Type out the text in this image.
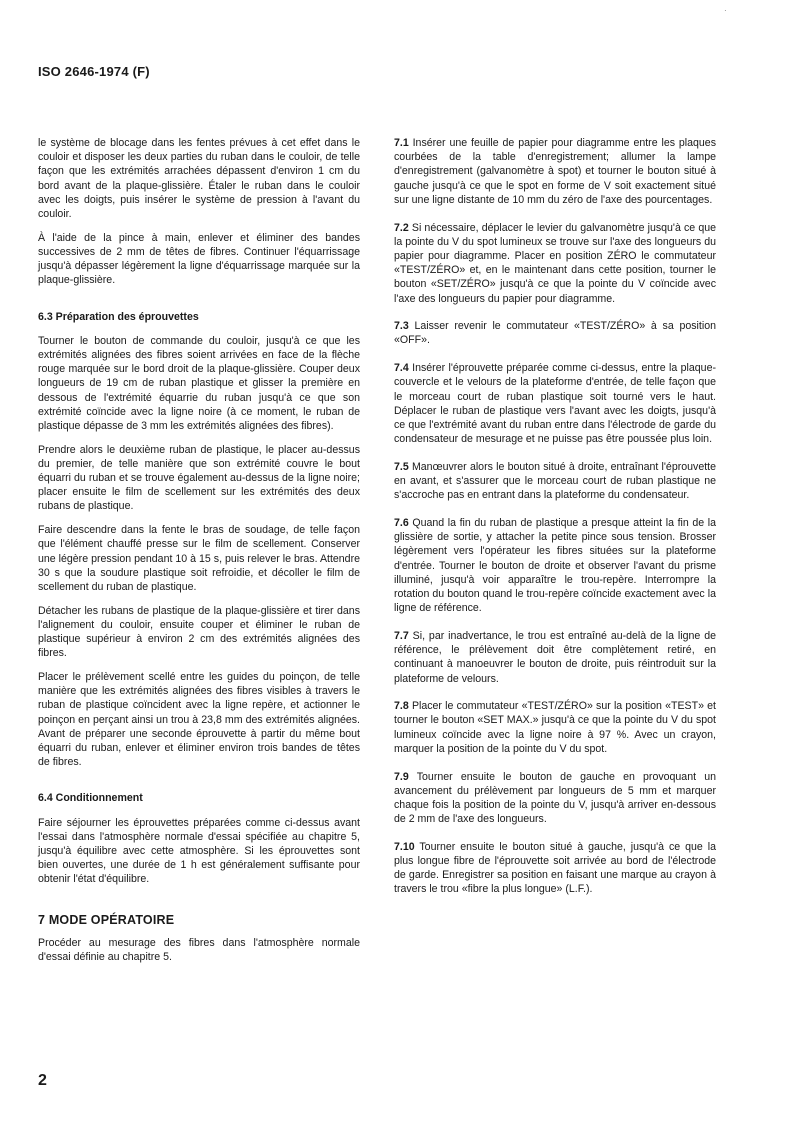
·
ISO 2646-1974 (F)

le système de blocage dans les fentes prévues à cet effet dans le couloir et disposer les deux parties du ruban dans le couloir, de telle façon que les extrémités arrachées dépassent d'environ 1 cm du bord avant de la plaque-glissière. Étaler le ruban dans le couloir avec les doigts, puis insérer le système de pression à l'avant du couloir.

À l'aide de la pince à main, enlever et éliminer des bandes successives de 2 mm de têtes de fibres. Continuer l'équarrissage jusqu'à dépasser légèrement la ligne d'équarrissage marquée sur la plaque-glissière.

6.3 Préparation des éprouvettes

Tourner le bouton de commande du couloir, jusqu'à ce que les extrémités alignées des fibres soient arrivées en face de la flèche rouge marquée sur le bord droit de la plaque-glissière. Couper deux longueurs de 19 cm de ruban plastique et glisser la première en dessous de l'extrémité équarrie du ruban jusqu'à ce que son extrémité coïncide avec la ligne noire (à ce moment, le ruban de plastique dépasse de 3 mm les extrémités alignées des fibres).

Prendre alors le deuxième ruban de plastique, le placer au-dessus du premier, de telle manière que son extrémité couvre le bout équarri du ruban et se trouve également au-dessus de la ligne noire; placer ensuite le film de scellement sur les extrémités des deux rubans de plastique.

Faire descendre dans la fente le bras de soudage, de telle façon que l'élément chauffé presse sur le film de scellement. Conserver une légère pression pendant 10 à 15 s, puis relever le bras. Attendre 30 s que la soudure plastique soit refroidie, et décoller le film de scellement du ruban de plastique.

Détacher les rubans de plastique de la plaque-glissière et tirer dans l'alignement du couloir, ensuite couper et éliminer le ruban de plastique supérieur à environ 2 cm des extrémités alignées des fibres.

Placer le prélèvement scellé entre les guides du poinçon, de telle manière que les extrémités alignées des fibres visibles à travers le ruban de plastique coïncident avec la ligne repère, et actionner le poinçon en perçant ainsi un trou à 23,8 mm des extrémités alignées. Avant de préparer une seconde éprouvette à partir du même bout équarri du ruban, enlever et éliminer environ trois bandes de têtes de fibres.

6.4 Conditionnement

Faire séjourner les éprouvettes préparées comme ci-dessus avant l'essai dans l'atmosphère normale d'essai spécifiée au chapitre 5, jusqu'à équilibre avec cette atmosphère. Si les éprouvettes sont bien ouvertes, une durée de 1 h est généralement suffisante pour obtenir l'état d'équilibre.

7 MODE OPÉRATOIRE

Procéder au mesurage des fibres dans l'atmosphère normale d'essai définie au chapitre 5.

7.1 Insérer une feuille de papier pour diagramme entre les plaques courbées de la table d'enregistrement; allumer la lampe d'enregistrement (galvanomètre à spot) et tourner le bouton situé à gauche jusqu'à ce que le spot en forme de V soit exactement situé sur une ligne distante de 10 mm du zéro de l'axe des pourcentages.

7.2 Si nécessaire, déplacer le levier du galvanomètre jusqu'à ce que la pointe du V du spot lumineux se trouve sur l'axe des longueurs du papier pour diagramme. Placer en position ZÉRO le commutateur «TEST/ZÉRO» et, en le maintenant dans cette position, tourner le bouton «SET/ZÉRO» jusqu'à ce que la pointe du V coïncide avec l'axe des longueurs du papier pour diagramme.

7.3 Laisser revenir le commutateur «TEST/ZÉRO» à sa position «OFF».

7.4 Insérer l'éprouvette préparée comme ci-dessus, entre la plaque-couvercle et le velours de la plateforme d'entrée, de telle façon que le morceau court de ruban plastique soit tourné vers le haut. Déplacer le ruban de plastique vers l'avant avec les doigts, jusqu'à ce que l'extrémité avant du ruban entre dans l'électrode de garde du condensateur de mesurage et ne puisse pas être poussée plus loin.

7.5 Manœuvrer alors le bouton situé à droite, entraînant l'éprouvette en avant, et s'assurer que le morceau court de ruban plastique ne s'accroche pas en entrant dans la plateforme du condensateur.

7.6 Quand la fin du ruban de plastique a presque atteint la fin de la glissière de sortie, y attacher la petite pince sous tension. Brosser légèrement vers l'opérateur les fibres situées sur la plateforme d'entrée. Tourner le bouton de droite et observer l'avant du prisme illuminé, jusqu'à voir apparaître le trou-repère. Interrompre la rotation du bouton quand le trou-repère coïncide exactement avec la ligne de référence.

7.7 Si, par inadvertance, le trou est entraîné au-delà de la ligne de référence, le prélèvement doit être complètement retiré, en continuant à manoeuvrer le bouton de droite, puis réintroduit sur la plateforme de velours.

7.8 Placer le commutateur «TEST/ZÉRO» sur la position «TEST» et tourner le bouton «SET MAX.» jusqu'à ce que la pointe du V du spot lumineux coïncide avec la ligne noire à 97 %. Avec un crayon, marquer la position de la pointe du V du spot.

7.9 Tourner ensuite le bouton de gauche en provoquant un avancement du prélèvement par longueurs de 5 mm et marquer chaque fois la position de la pointe du V, jusqu'à arriver en-dessous de 2 mm de l'axe des longueurs.

7.10 Tourner ensuite le bouton situé à gauche, jusqu'à ce que la plus longue fibre de l'éprouvette soit arrivée au bord de l'électrode de garde. Enregistrer sa position en faisant une marque au crayon à travers le trou «fibre la plus longue» (L.F.).

2
